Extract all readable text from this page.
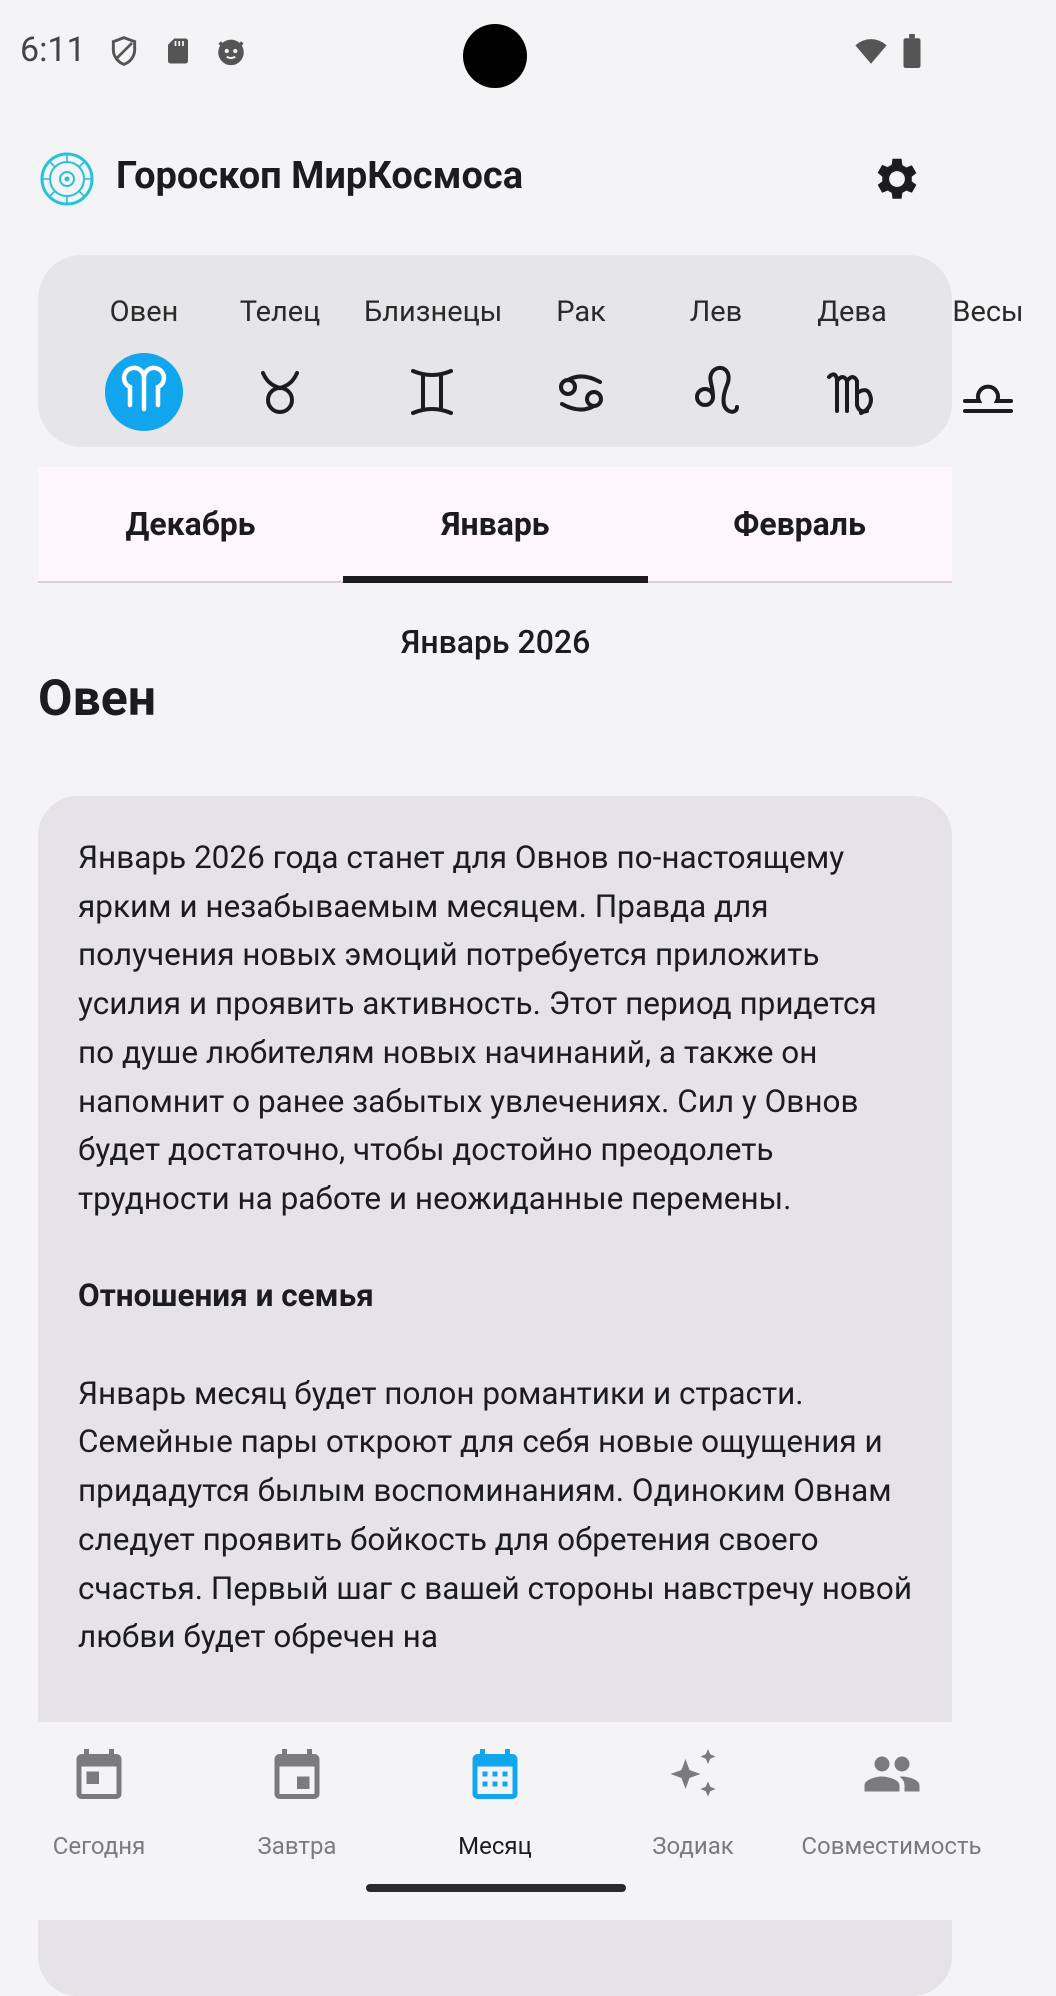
6:11
Гороскоп МирКосмоса
Овен	Телец	Близнецы	Рак	Лев	Дева	Весы
Декабрь	Январь	Февраль
Январь 2026
Овен

Январь 2026 года станет для Овнов по-настоящему ярким и незабываемым месяцем. Правда для получения новых эмоций потребуется приложить усилия и проявить активность. Этот период придется по душе любителям новых начинаний, а также он напомнит о ранее забытых увлечениях. Сил у Овнов будет достаточно, чтобы достойно преодолеть трудности на работе и неожиданные перемены.

Отношения и семья

Январь месяц будет полон романтики и страсти. Семейные пары откроют для себя новые ощущения и придадутся былым воспоминаниям. Одиноким Овнам следует проявить бойкость для обретения своего счастья. Первый шаг с вашей стороны навстречу новой любви будет обречен на

Сегодня	Завтра	Месяц	Зодиак	Совместимость
